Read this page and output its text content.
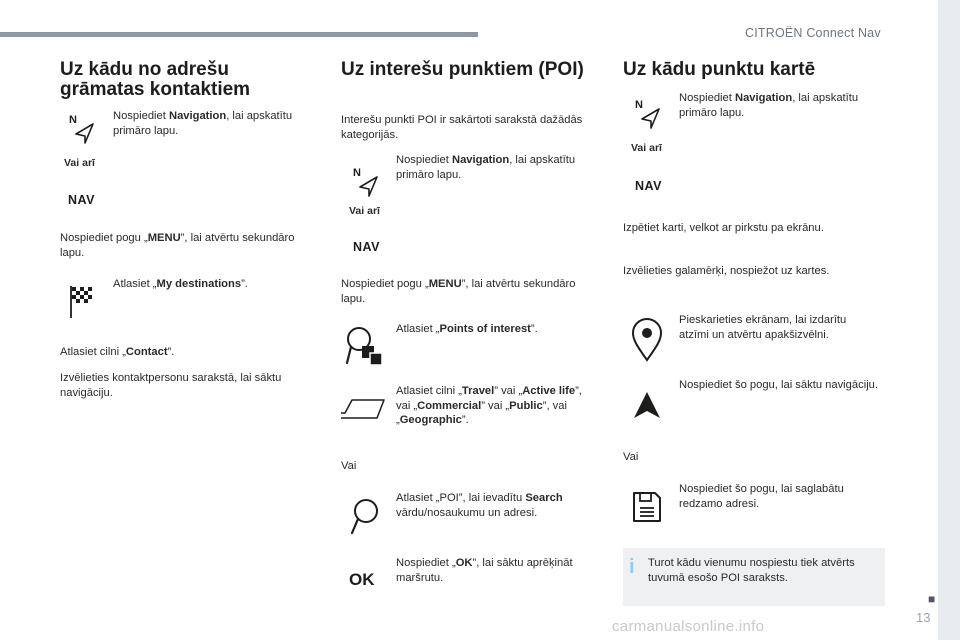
CITROËN Connect Nav
■
13
carmanualsonline.info
Uz kādu no adrešu
grāmatas kontaktiem
N	Nospiediet Navigation, lai apskatītu primāro lapu.
Vai arī
NAV
Nospiediet pogu „MENU”, lai atvērtu sekundāro lapu.
Atlasiet „My destinations”.
Atlasiet cilni „Contact”.
Izvēlieties kontaktpersonu sarakstā, lai sāktu navigāciju.
Uz interešu punktiem (POI)
Interešu punkti POI ir sakārtoti sarakstā dažādās kategorijās.
N
Nospiediet Navigation, lai apskatītu primāro lapu.
Vai arī
NAV
Nospiediet pogu „MENU”, lai atvērtu sekundāro lapu.
Atlasiet „Points of interest”.
Atlasiet cilni „Travel” vai „Active life”, vai „Commercial” vai „Public”, vai „Geographic”.
Vai
Atlasiet „POI”, lai ievadītu Search vārdu/nosaukumu un adresi.
OK
Nospiediet „OK”, lai sāktu aprēķināt maršrutu.
Uz kādu punktu kartē
N
Nospiediet Navigation, lai apskatītu primāro lapu.
Vai arī
NAV
Izpētiet karti, velkot ar pirkstu pa ekrānu.
Izvēlieties galamērķi, nospiežot uz kartes.
Pieskarieties ekrānam, lai izdarītu atzīmi un atvērtu apakšizvēlni.
Nospiediet šo pogu, lai sāktu navigāciju.
Vai
Nospiediet šo pogu, lai saglabātu redzamo adresi.
i Turot kādu vienumu nospiestu tiek atvērts tuvumā esošo POI saraksts.
